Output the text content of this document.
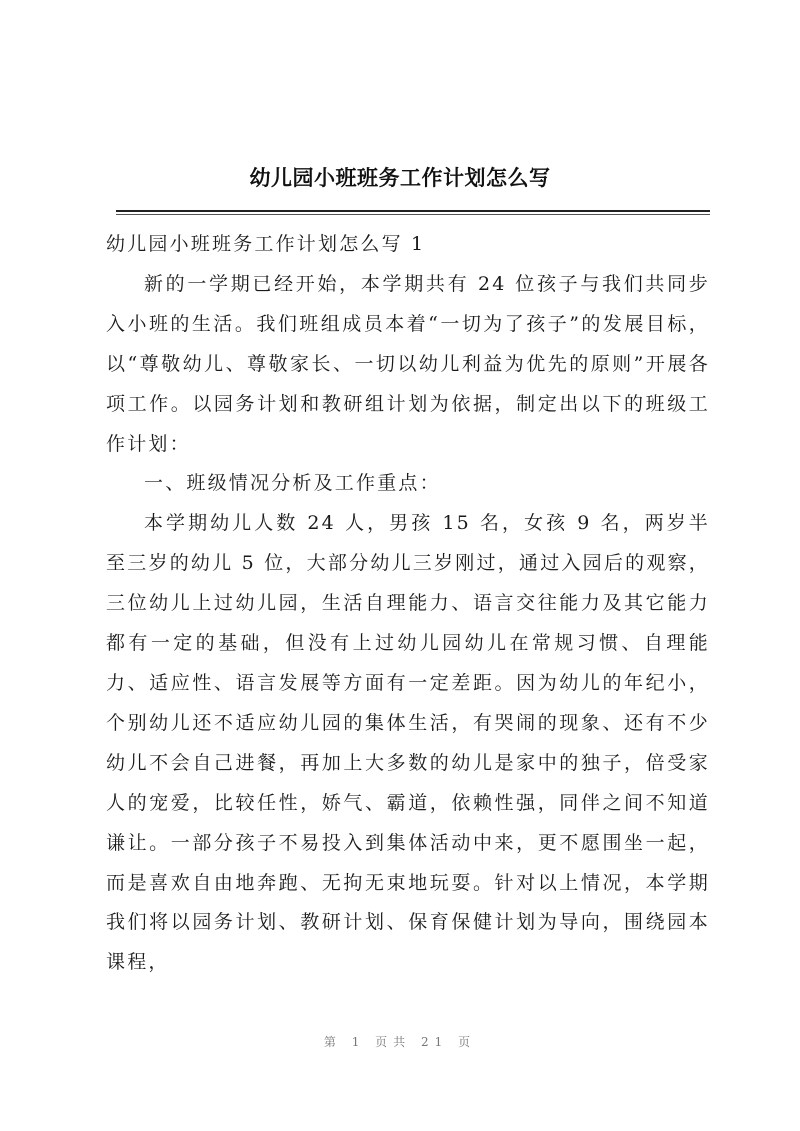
幼儿园小班班务工作计划怎么写

幼儿园小班班务工作计划怎么写 1

新的一学期已经开始，本学期共有 24 位孩子与我们共同步入小班的生活。我们班组成员本着“一切为了孩子”的发展目标，以“尊敬幼儿、尊敬家长、一切以幼儿利益为优先的原则”开展各项工作。以园务计划和教研组计划为依据，制定出以下的班级工作计划：

一、班级情况分析及工作重点：

本学期幼儿人数 24 人，男孩 15 名，女孩 9 名，两岁半至三岁的幼儿 5 位，大部分幼儿三岁刚过，通过入园后的观察，三位幼儿上过幼儿园，生活自理能力、语言交往能力及其它能力都有一定的基础，但没有上过幼儿园幼儿在常规习惯、自理能力、适应性、语言发展等方面有一定差距。因为幼儿的年纪小，个别幼儿还不适应幼儿园的集体生活，有哭闹的现象、还有不少幼儿不会自己进餐，再加上大多数的幼儿是家中的独子，倍受家人的宠爱，比较任性，娇气、霸道，依赖性强，同伴之间不知道谦让。一部分孩子不易投入到集体活动中来，更不愿围坐一起，而是喜欢自由地奔跑、无拘无束地玩耍。针对以上情况，本学期我们将以园务计划、教研计划、保育保健计划为导向，围绕园本课程，

第 1 页共 21 页
